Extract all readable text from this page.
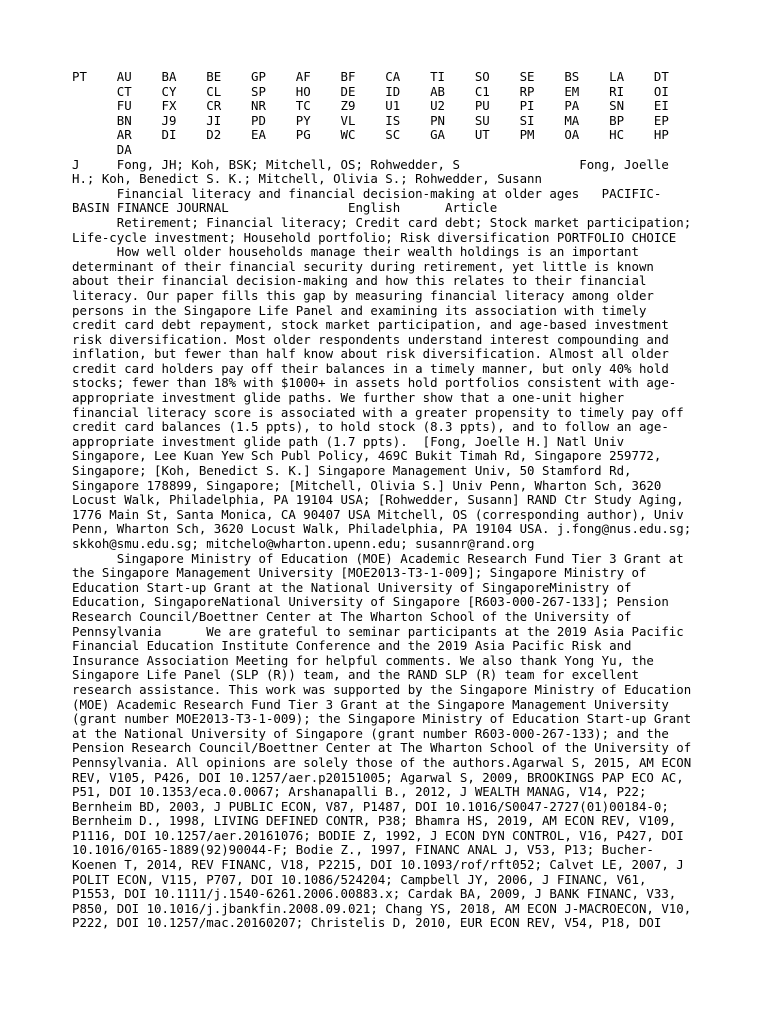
PT    AU    BA    BE    GP    AF    BF    CA    TI    SO    SE    BS    LA    DT
CT    CY    CL    SP    HO    DE    ID    AB    C1    RP    EM    RI    OI
FU    FX    CR    NR    TC    Z9    U1    U2    PU    PI    PA    SN    EI
BN    J9    JI    PD    PY    VL    IS    PN    SU    SI    MA    BP    EP
AR    DI    D2    EA    PG    WC    SC    GA    UT    PM    OA    HC    HP
DA
J     Fong, JH; Koh, BSK; Mitchell, OS; Rohwedder, S                Fong, Joelle
H.; Koh, Benedict S. K.; Mitchell, Olivia S.; Rohwedder, Susann
Financial literacy and financial decision-making at older ages   PACIFIC-
BASIN FINANCE JOURNAL                English      Article
Retirement; Financial literacy; Credit card debt; Stock market participation;
Life-cycle investment; Household portfolio; Risk diversification PORTFOLIO CHOICE
How well older households manage their wealth holdings is an important
determinant of their financial security during retirement, yet little is known
about their financial decision-making and how this relates to their financial
literacy. Our paper fills this gap by measuring financial literacy among older
persons in the Singapore Life Panel and examining its association with timely
credit card debt repayment, stock market participation, and age-based investment
risk diversification. Most older respondents understand interest compounding and
inflation, but fewer than half know about risk diversification. Almost all older
credit card holders pay off their balances in a timely manner, but only 40% hold
stocks; fewer than 18% with $1000+ in assets hold portfolios consistent with age-
appropriate investment glide paths. We further show that a one-unit higher
financial literacy score is associated with a greater propensity to timely pay off
credit card balances (1.5 ppts), to hold stock (8.3 ppts), and to follow an age-
appropriate investment glide path (1.7 ppts).  [Fong, Joelle H.] Natl Univ
Singapore, Lee Kuan Yew Sch Publ Policy, 469C Bukit Timah Rd, Singapore 259772,
Singapore; [Koh, Benedict S. K.] Singapore Management Univ, 50 Stamford Rd,
Singapore 178899, Singapore; [Mitchell, Olivia S.] Univ Penn, Wharton Sch, 3620
Locust Walk, Philadelphia, PA 19104 USA; [Rohwedder, Susann] RAND Ctr Study Aging,
1776 Main St, Santa Monica, CA 90407 USA Mitchell, OS (corresponding author), Univ
Penn, Wharton Sch, 3620 Locust Walk, Philadelphia, PA 19104 USA. j.fong@nus.edu.sg;
skkoh@smu.edu.sg; mitchelo@wharton.upenn.edu; susannr@rand.org
Singapore Ministry of Education (MOE) Academic Research Fund Tier 3 Grant at
the Singapore Management University [MOE2013-T3-1-009]; Singapore Ministry of
Education Start-up Grant at the National University of SingaporeMinistry of
Education, SingaporeNational University of Singapore [R603-000-267-133]; Pension
Research Council/Boettner Center at The Wharton School of the University of
Pennsylvania      We are grateful to seminar participants at the 2019 Asia Pacific
Financial Education Institute Conference and the 2019 Asia Pacific Risk and
Insurance Association Meeting for helpful comments. We also thank Yong Yu, the
Singapore Life Panel (SLP (R)) team, and the RAND SLP (R) team for excellent
research assistance. This work was supported by the Singapore Ministry of Education
(MOE) Academic Research Fund Tier 3 Grant at the Singapore Management University
(grant number MOE2013-T3-1-009); the Singapore Ministry of Education Start-up Grant
at the National University of Singapore (grant number R603-000-267-133); and the
Pension Research Council/Boettner Center at The Wharton School of the University of
Pennsylvania. All opinions are solely those of the authors.Agarwal S, 2015, AM ECON
REV, V105, P426, DOI 10.1257/aer.p20151005; Agarwal S, 2009, BROOKINGS PAP ECO AC,
P51, DOI 10.1353/eca.0.0067; Arshanapalli B., 2012, J WEALTH MANAG, V14, P22;
Bernheim BD, 2003, J PUBLIC ECON, V87, P1487, DOI 10.1016/S0047-2727(01)00184-0;
Bernheim D., 1998, LIVING DEFINED CONTR, P38; Bhamra HS, 2019, AM ECON REV, V109,
P1116, DOI 10.1257/aer.20161076; BODIE Z, 1992, J ECON DYN CONTROL, V16, P427, DOI
10.1016/0165-1889(92)90044-F; Bodie Z., 1997, FINANC ANAL J, V53, P13; Bucher-
Koenen T, 2014, REV FINANC, V18, P2215, DOI 10.1093/rof/rft052; Calvet LE, 2007, J
POLIT ECON, V115, P707, DOI 10.1086/524204; Campbell JY, 2006, J FINANC, V61,
P1553, DOI 10.1111/j.1540-6261.2006.00883.x; Cardak BA, 2009, J BANK FINANC, V33,
P850, DOI 10.1016/j.jbankfin.2008.09.021; Chang YS, 2018, AM ECON J-MACROECON, V10,
P222, DOI 10.1257/mac.20160207; Christelis D, 2010, EUR ECON REV, V54, P18, DOI
